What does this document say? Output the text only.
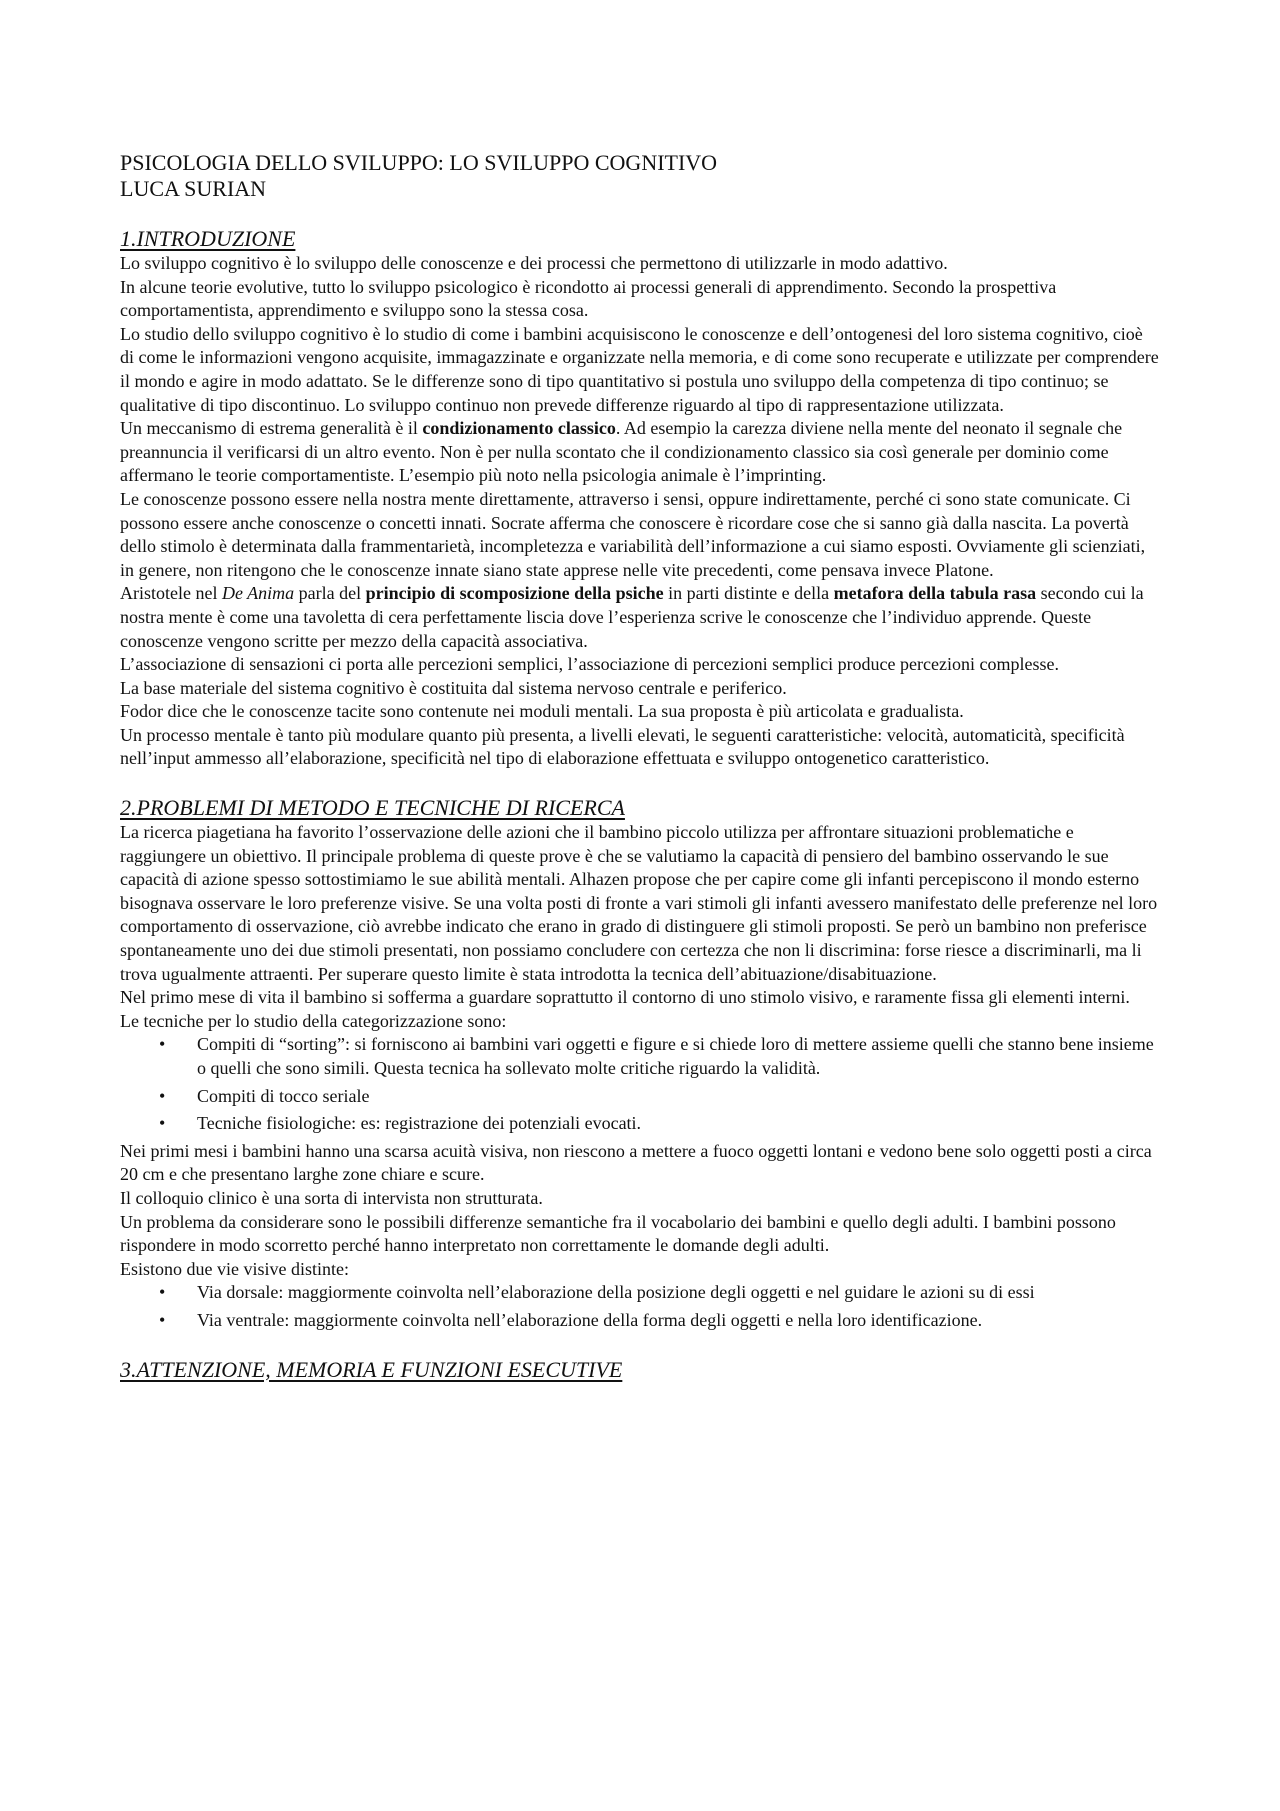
PSICOLOGIA DELLO SVILUPPO: LO SVILUPPO COGNITIVO
LUCA SURIAN
1.INTRODUZIONE

Lo sviluppo cognitivo è lo sviluppo delle conoscenze e dei processi che permettono di utilizzarle in modo adattivo.

In alcune teorie evolutive, tutto lo sviluppo psicologico è ricondotto ai processi generali di apprendimento. Secondo la prospettiva comportamentista, apprendimento e sviluppo sono la stessa cosa.

Lo studio dello sviluppo cognitivo è lo studio di come i bambini acquisiscono le conoscenze e dell’ontogenesi del loro sistema cognitivo, cioè di come le informazioni vengono acquisite, immagazzinate e organizzate nella memoria, e di come sono recuperate e utilizzate per comprendere il mondo e agire in modo adattato. Se le differenze sono di tipo quantitativo si postula uno sviluppo della competenza di tipo continuo; se qualitative di tipo discontinuo. Lo sviluppo continuo non prevede differenze riguardo al tipo di rappresentazione utilizzata.

Un meccanismo di estrema generalità è il condizionamento classico. Ad esempio la carezza diviene nella mente del neonato il segnale che preannuncia il verificarsi di un altro evento. Non è per nulla scontato che il condizionamento classico sia così generale per dominio come affermano le teorie comportamentiste. L’esempio più noto nella psicologia animale è l’imprinting.

Le conoscenze possono essere nella nostra mente direttamente, attraverso i sensi, oppure indirettamente, perché ci sono state comunicate. Ci possono essere anche conoscenze o concetti innati. Socrate afferma che conoscere è ricordare cose che si sanno già dalla nascita. La povertà dello stimolo è determinata dalla frammentarietà, incompletezza e variabilità dell’informazione a cui siamo esposti. Ovviamente gli scienziati, in genere, non ritengono che le conoscenze innate siano state apprese nelle vite precedenti, come pensava invece Platone.

Aristotele nel De Anima parla del principio di scomposizione della psiche in parti distinte e della metafora della tabula rasa secondo cui la nostra mente è come una tavoletta di cera perfettamente liscia dove l’esperienza scrive le conoscenze che l’individuo apprende. Queste conoscenze vengono scritte per mezzo della capacità associativa.

L’associazione di sensazioni ci porta alle percezioni semplici, l’associazione di percezioni semplici produce percezioni complesse.

La base materiale del sistema cognitivo è costituita dal sistema nervoso centrale e periferico.

Fodor dice che le conoscenze tacite sono contenute nei moduli mentali. La sua proposta è più articolata e gradualista.

Un processo mentale è tanto più modulare quanto più presenta, a livelli elevati, le seguenti caratteristiche: velocità, automaticità, specificità nell’input ammesso all’elaborazione, specificità nel tipo di elaborazione effettuata e sviluppo ontogenetico caratteristico.

2.PROBLEMI DI METODO E TECNICHE DI RICERCA

La ricerca piagetiana ha favorito l’osservazione delle azioni che il bambino piccolo utilizza per affrontare situazioni problematiche e raggiungere un obiettivo. Il principale problema di queste prove è che se valutiamo la capacità di pensiero del bambino osservando le sue capacità di azione spesso sottostimiamo le sue abilità mentali. Alhazen propose che per capire come gli infanti percepiscono il mondo esterno bisognava osservare le loro preferenze visive. Se una volta posti di fronte a vari stimoli gli infanti avessero manifestato delle preferenze nel loro comportamento di osservazione, ciò avrebbe indicato che erano in grado di distinguere gli stimoli proposti. Se però un bambino non preferisce spontaneamente uno dei due stimoli presentati, non possiamo concludere con certezza che non li discrimina: forse riesce a discriminarli, ma li trova ugualmente attraenti. Per superare questo limite è stata introdotta la tecnica dell’abituazione/disabituazione.

Nel primo mese di vita il bambino si sofferma a guardare soprattutto il contorno di uno stimolo visivo, e raramente fissa gli elementi interni.

Le tecniche per lo studio della categorizzazione sono:

• Compiti di “sorting”: si forniscono ai bambini vari oggetti e figure e si chiede loro di mettere assieme quelli che stanno bene insieme o quelli che sono simili. Questa tecnica ha sollevato molte critiche riguardo la validità.
• Compiti di tocco seriale
• Tecniche fisiologiche: es: registrazione dei potenziali evocati.

Nei primi mesi i bambini hanno una scarsa acuità visiva, non riescono a mettere a fuoco oggetti lontani e vedono bene solo oggetti posti a circa 20 cm e che presentano larghe zone chiare e scure.

Il colloquio clinico è una sorta di intervista non strutturata.

Un problema da considerare sono le possibili differenze semantiche fra il vocabolario dei bambini e quello degli adulti. I bambini possono rispondere in modo scorretto perché hanno interpretato non correttamente le domande degli adulti.

Esistono due vie visive distinte:

• Via dorsale: maggiormente coinvolta nell’elaborazione della posizione degli oggetti e nel guidare le azioni su di essi
• Via ventrale: maggiormente coinvolta nell’elaborazione della forma degli oggetti e nella loro identificazione.
3.ATTENZIONE, MEMORIA E FUNZIONI ESECUTIVE
